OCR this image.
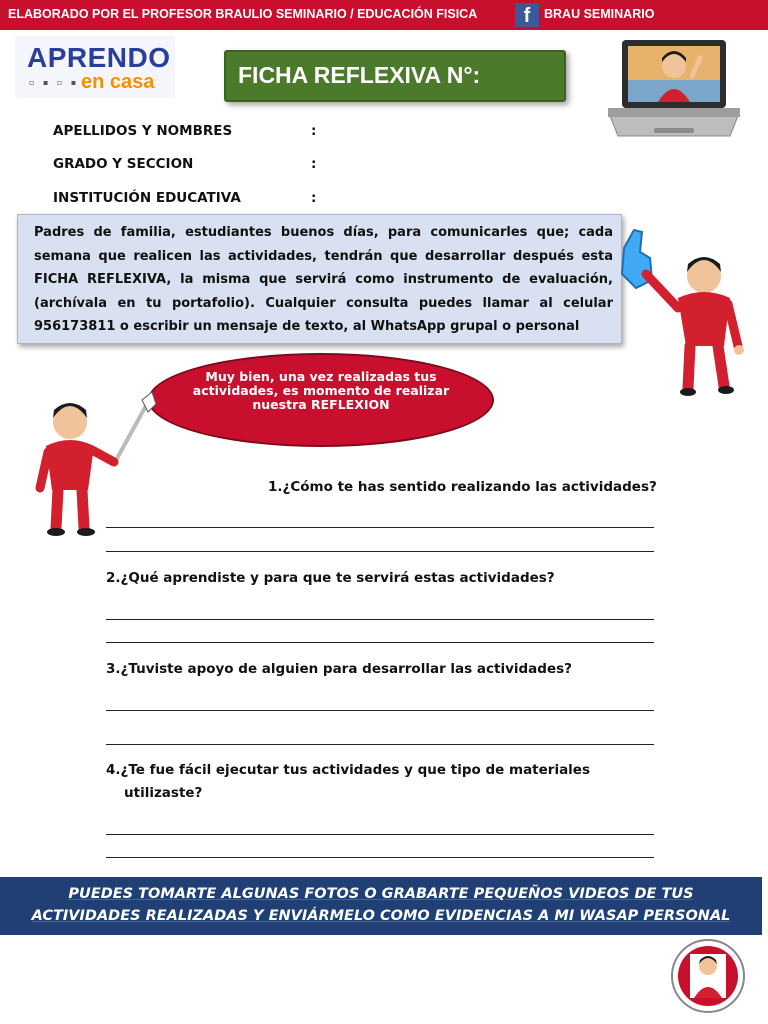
ELABORADO POR EL PROFESOR BRAULIO SEMINARIO / EDUCACIÓN FISICA	f	BRAU SEMINARIO
APRENDO
▫ ▪ ▫ ▪ en casa	FICHA REFLEXIVA N°:
APELLIDOS Y NOMBRES	:
GRADO Y SECCION	:
INSTITUCIÓN EDUCATIVA	:

Padres de familia, estudiantes buenos días, para comunicarles que; cada semana que realicen las actividades, tendrán que desarrollar después esta FICHA REFLEXIVA, la misma que servirá como instrumento de evaluación, (archívala en tu portafolio). Cualquier consulta puedes llamar al celular 956173811 o escribir un mensaje de texto, al WhatsApp grupal o personal

Muy bien, una vez realizadas tus actividades, es momento de realizar nuestra REFLEXION

1.¿Cómo te has sentido realizando las actividades?
2.¿Qué aprendiste y para que te servirá estas actividades?
3.¿Tuviste apoyo de alguien para desarrollar las actividades?
4.¿Te fue fácil ejecutar tus actividades y que tipo de materiales
utilizaste?
PUEDES TOMARTE ALGUNAS FOTOS O GRABARTE PEQUEÑOS VIDEOS DE TUS
ACTIVIDADES REALIZADAS Y ENVIÁRMELO COMO EVIDENCIAS A MI WASAP PERSONAL
